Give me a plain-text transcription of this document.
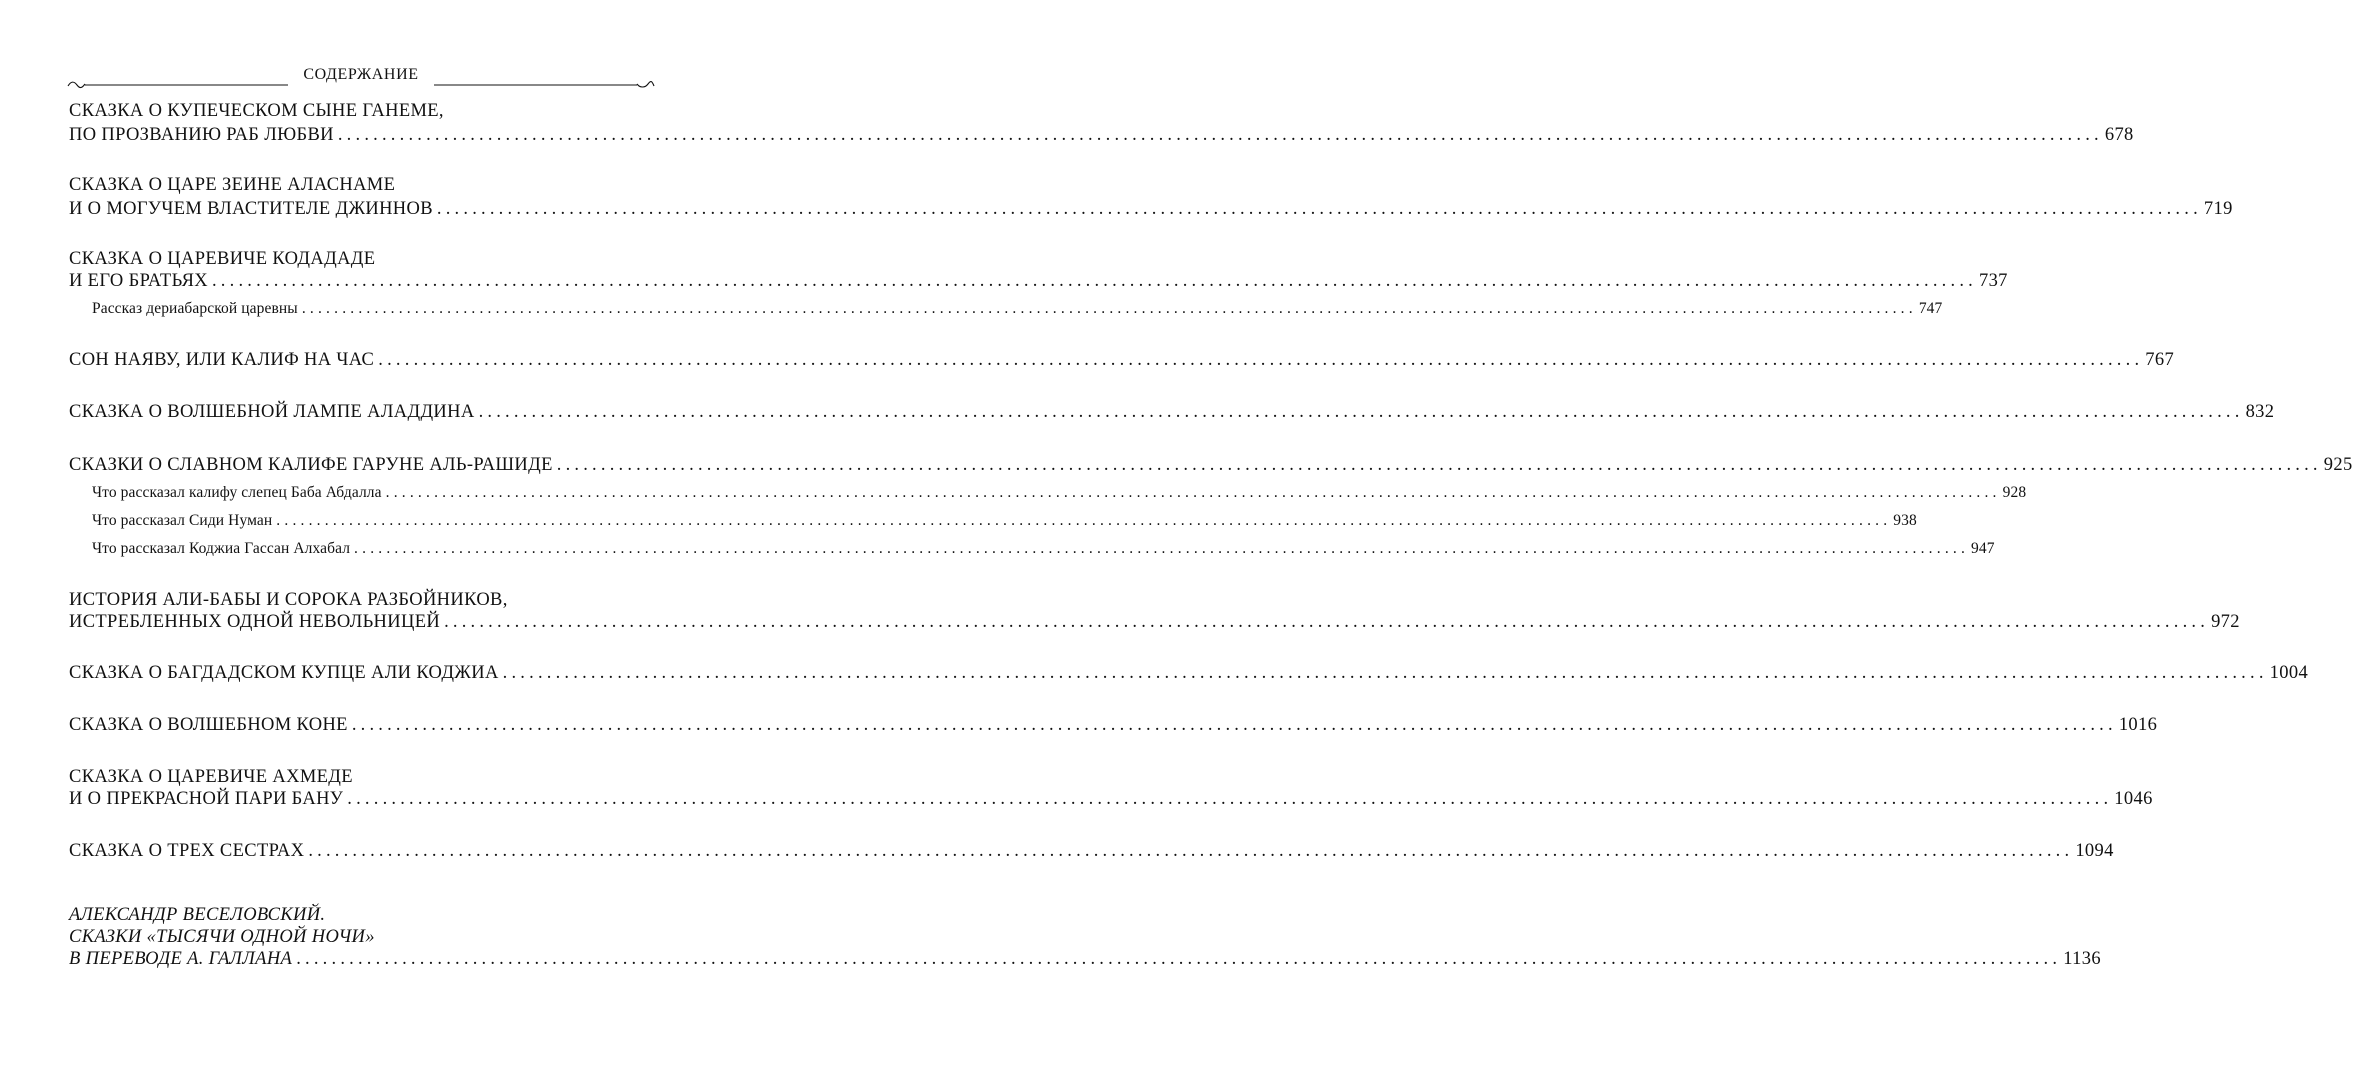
СОДЕРЖАНИЕ
СКАЗКА О КУПЕЧЕСКОМ СЫНЕ ГАНЕМЕ,
ПО ПРОЗВАНИЮ РАБ ЛЮБВИ ........................................................................................................................................................................................................ 678
СКАЗКА О ЦАРЕ ЗЕИНЕ АЛАСНАМЕ
И О МОГУЧЕМ ВЛАСТИТЕЛЕ ДЖИННОВ ........................................................................................................................................................................................................ 719
СКАЗКА О ЦАРЕВИЧЕ КОДАДАДЕ
И ЕГО БРАТЬЯХ ........................................................................................................................................................................................................ 737
Рассказ дериабарской царевны ........................................................................................................................................................................................................ 747
СОН НАЯВУ, ИЛИ КАЛИФ НА ЧАС ........................................................................................................................................................................................................ 767
СКАЗКА О ВОЛШЕБНОЙ ЛАМПЕ АЛАДДИНА ........................................................................................................................................................................................................ 832
СКАЗКИ О СЛАВНОМ КАЛИФЕ ГАРУНЕ АЛЬ-РАШИДЕ ........................................................................................................................................................................................................ 925
Что рассказал калифу слепец Баба Абдалла ........................................................................................................................................................................................................ 928
Что рассказал Сиди Нуман ........................................................................................................................................................................................................ 938
Что рассказал Коджиа Гассан Алхабал ........................................................................................................................................................................................................ 947
ИСТОРИЯ АЛИ-БАБЫ И СОРОКА РАЗБОЙНИКОВ,
ИСТРЕБЛЕННЫХ ОДНОЙ НЕВОЛЬНИЦЕЙ ........................................................................................................................................................................................................ 972
СКАЗКА О БАГДАДСКОМ КУПЦЕ АЛИ КОДЖИА ........................................................................................................................................................................................................ 1004
СКАЗКА О ВОЛШЕБНОМ КОНЕ ........................................................................................................................................................................................................ 1016
СКАЗКА О ЦАРЕВИЧЕ АХМЕДЕ
И О ПРЕКРАСНОЙ ПАРИ БАНУ ........................................................................................................................................................................................................ 1046
СКАЗКА О ТРЕХ СЕСТРАХ ........................................................................................................................................................................................................ 1094
АЛЕКСАНДР ВЕСЕЛОВСКИЙ.
СКАЗКИ «ТЫСЯЧИ ОДНОЙ НОЧИ»
В ПЕРЕВОДЕ А. ГАЛЛАНА ........................................................................................................................................................................................................ 1136
